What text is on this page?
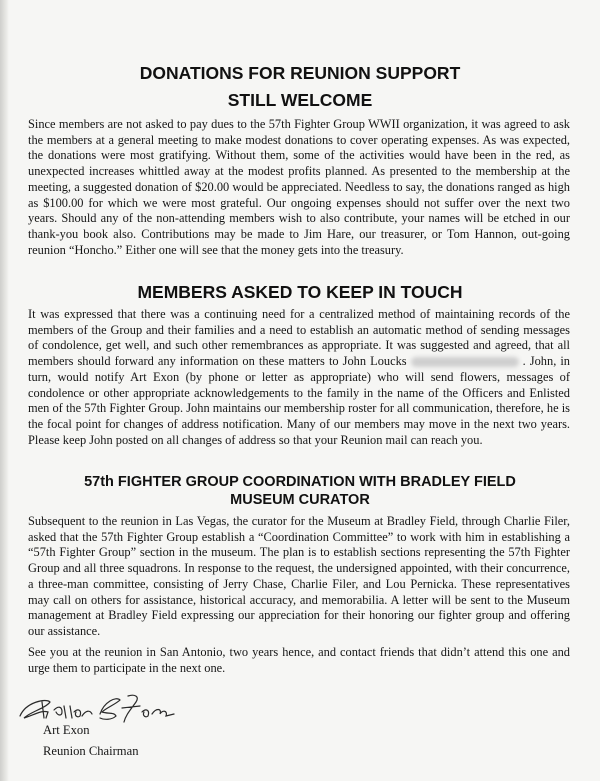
DONATIONS FOR REUNION SUPPORT
STILL WELCOME

Since members are not asked to pay dues to the 57th Fighter Group WWII organization, it was agreed to ask the members at a general meeting to make modest donations to cover operating expenses. As was expected, the donations were most gratifying. Without them, some of the activities would have been in the red, as unexpected increases whittled away at the modest profits planned. As presented to the membership at the meeting, a suggested donation of $20.00 would be appreciated. Needless to say, the donations ranged as high as $100.00 for which we were most grateful. Our ongoing expenses should not suffer over the next two years. Should any of the non-attending members wish to also contribute, your names will be etched in our thank-you book also. Contributions may be made to Jim Hare, our treasurer, or Tom Hannon, out-going reunion “Honcho.” Either one will see that the money gets into the treasury.

MEMBERS ASKED TO KEEP IN TOUCH

It was expressed that there was a continuing need for a centralized method of maintaining records of the members of the Group and their families and a need to establish an automatic method of sending messages of condolence, get well, and such other remembrances as appropriate. It was suggested and agreed, that all members should forward any information on these matters to John Loucks	. John, in turn, would notify Art Exon (by phone or letter as appropriate) who will send flowers, messages of condolence or other appropriate acknowledgements to the family in the name of the Officers and Enlisted men of the 57th Fighter Group. John maintains our membership roster for all communication, therefore, he is the focal point for changes of address notification. Many of our members may move in the next two years. Please keep John posted on all changes of address so that your Reunion mail can reach you.

57th FIGHTER GROUP COORDINATION WITH BRADLEY FIELD
MUSEUM CURATOR

Subsequent to the reunion in Las Vegas, the curator for the Museum at Bradley Field, through Charlie Filer, asked that the 57th Fighter Group establish a “Coordination Committee” to work with him in establishing a “57th Fighter Group” section in the museum. The plan is to establish sections representing the 57th Fighter Group and all three squadrons. In response to the request, the undersigned appointed, with their concurrence, a three-man committee, consisting of Jerry Chase, Charlie Filer, and Lou Pernicka. These representatives may call on others for assistance, historical accuracy, and memorabilia. A letter will be sent to the Museum management at Bradley Field expressing our appreciation for their honoring our fighter group and offering our assistance.

See you at the reunion in San Antonio, two years hence, and contact friends that didn’t attend this one and urge them to participate in the next one.

Art Exon
Reunion Chairman
